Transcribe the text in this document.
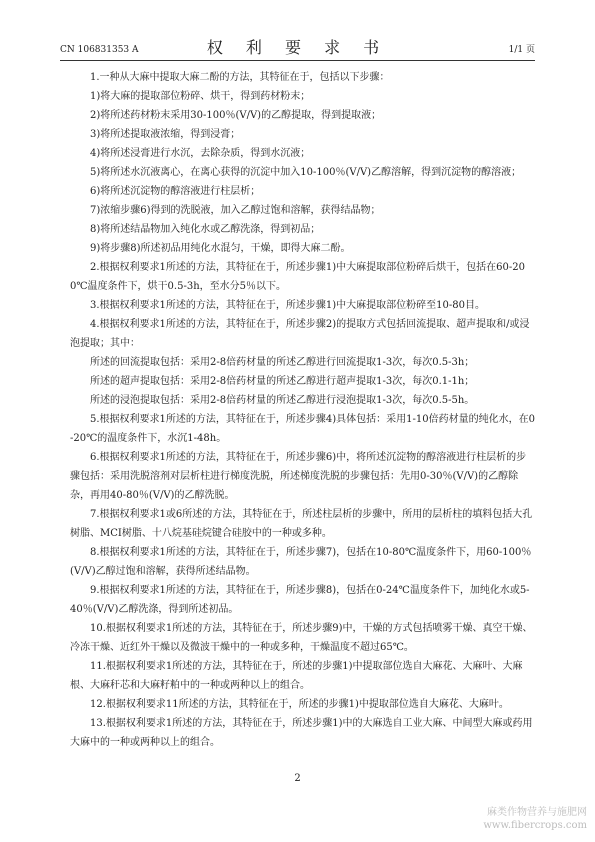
CN 106831353 A	权 利 要 求 书	1/1 页

1.一种从大麻中提取大麻二酚的方法，其特征在于，包括以下步骤：

1)将大麻的提取部位粉碎、烘干，得到药材粉末；

2)将所述药材粉末采用30-100％(V/V)的乙醇提取，得到提取液；

3)将所述提取液浓缩，得到浸膏；

4)将所述浸膏进行水沉，去除杂质，得到水沉液；

5)将所述水沉液离心，在离心获得的沉淀中加入10-100％(V/V)乙醇溶解，得到沉淀物的醇溶液；

6)将所述沉淀物的醇溶液进行柱层析；

7)浓缩步骤6)得到的洗脱液，加入乙醇过饱和溶解，获得结晶物；

8)将所述结晶物加入纯化水或乙醇洗涤，得到初品；

9)将步骤8)所述初品用纯化水混匀，干燥，即得大麻二酚。

2.根据权利要求1所述的方法，其特征在于，所述步骤1)中大麻提取部位粉碎后烘干，包括在60-200℃温度条件下，烘干0.5-3h，至水分5％以下。

3.根据权利要求1所述的方法，其特征在于，所述步骤1)中大麻提取部位粉碎至10-80目。

4.根据权利要求1所述的方法，其特征在于，所述步骤2)的提取方式包括回流提取、超声提取和/或浸泡提取；其中：

所述的回流提取包括：采用2-8倍药材量的所述乙醇进行回流提取1-3次，每次0.5-3h；

所述的超声提取包括：采用2-8倍药材量的所述乙醇进行超声提取1-3次，每次0.1-1h；

所述的浸泡提取包括：采用2-8倍药材量的所述乙醇进行浸泡提取1-3次，每次0.5-5h。

5.根据权利要求1所述的方法，其特征在于，所述步骤4)具体包括：采用1-10倍药材量的纯化水，在0-20℃的温度条件下，水沉1-48h。

6.根据权利要求1所述的方法，其特征在于，所述步骤6)中，将所述沉淀物的醇溶液进行柱层析的步骤包括：采用洗脱溶剂对层析柱进行梯度洗脱，所述梯度洗脱的步骤包括：先用0-30％(V/V)的乙醇除杂，再用40-80％(V/V)的乙醇洗脱。

7.根据权利要求1或6所述的方法，其特征在于，所述柱层析的步骤中，所用的层析柱的填料包括大孔树脂、MCI树脂、十八烷基硅烷键合硅胶中的一种或多种。

8.根据权利要求1所述的方法，其特征在于，所述步骤7)，包括在10-80℃温度条件下，用60-100％(V/V)乙醇过饱和溶解，获得所述结晶物。

9.根据权利要求1所述的方法，其特征在于，所述步骤8)，包括在0-24℃温度条件下，加纯化水或5-40％(V/V)乙醇洗涤，得到所述初品。

10.根据权利要求1所述的方法，其特征在于，所述步骤9)中，干燥的方式包括喷雾干燥、真空干燥、冷冻干燥、近红外干燥以及微波干燥中的一种或多种，干燥温度不超过65℃。

11.根据权利要求1所述的方法，其特征在于，所述的步骤1)中提取部位选自大麻花、大麻叶、大麻根、大麻秆芯和大麻籽粕中的一种或两种以上的组合。

12.根据权利要求11所述的方法，其特征在于，所述的步骤1)中提取部位选自大麻花、大麻叶。

13.根据权利要求1所述的方法，其特征在于，所述步骤1)中的大麻选自工业大麻、中间型大麻或药用大麻中的一种或两种以上的组合。

2
麻类作物营养与施肥网
www.fibercrops.com
